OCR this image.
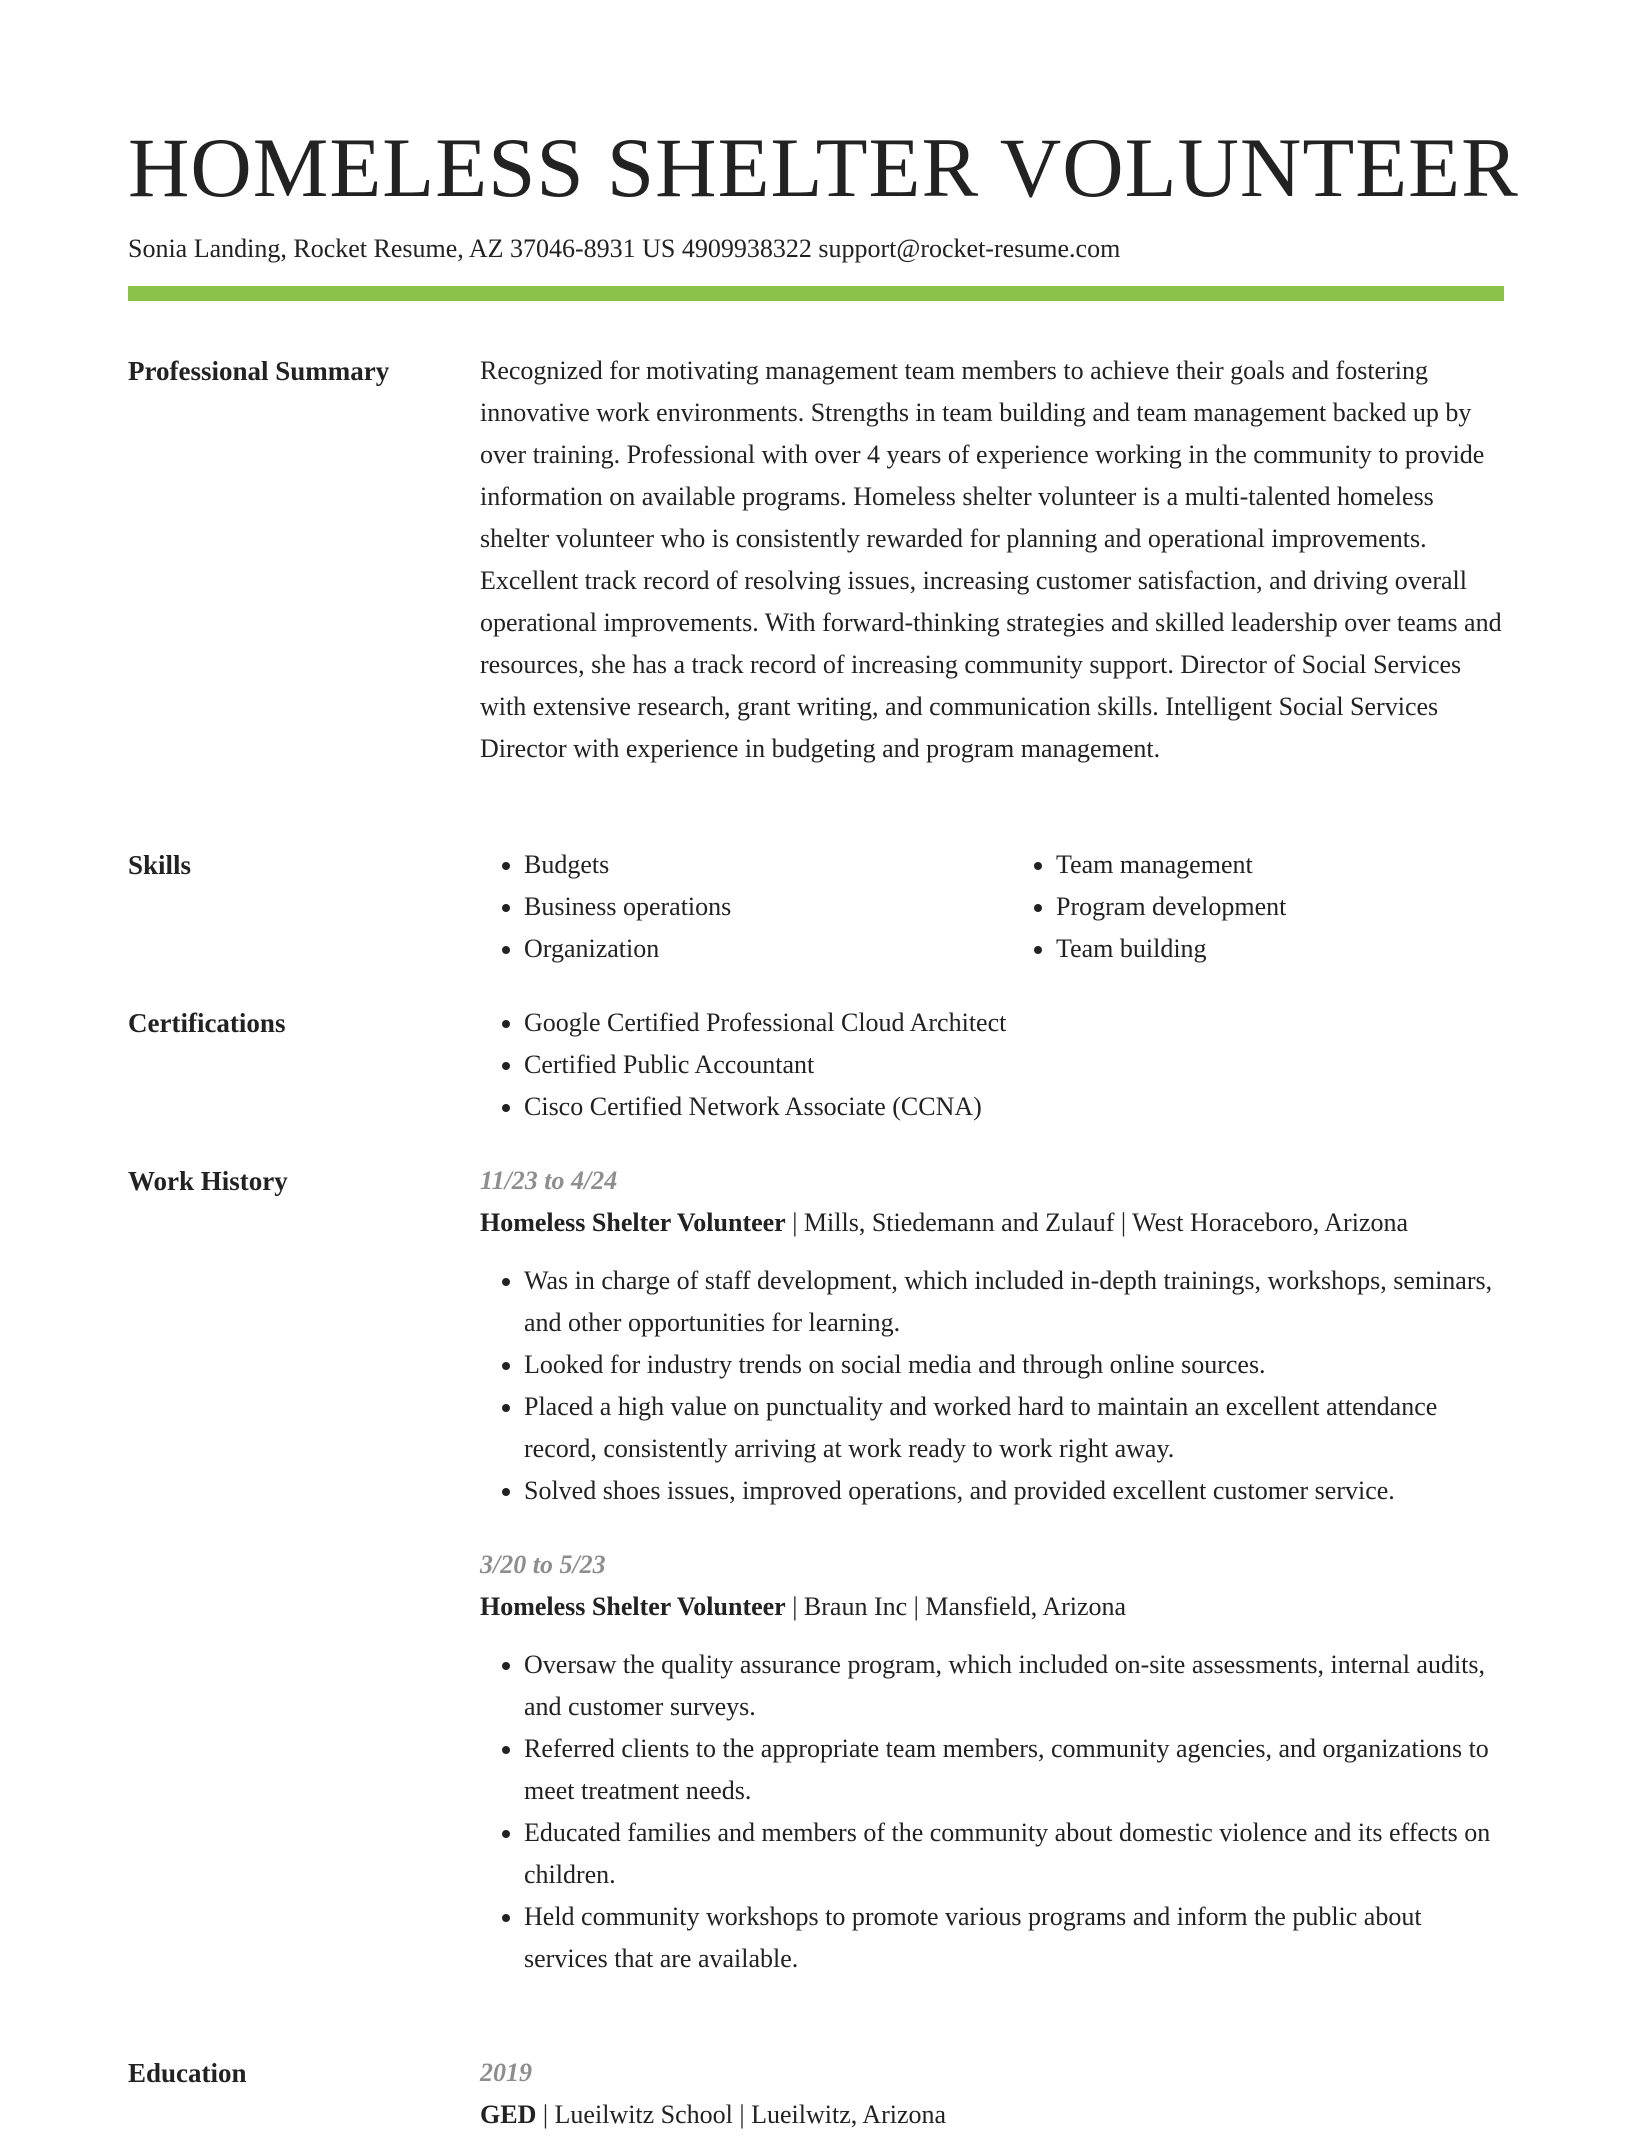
HOMELESS SHELTER VOLUNTEER
Sonia Landing, Rocket Resume, AZ 37046-8931 US 4909938322 support@rocket-resume.com
Professional Summary	Recognized for motivating management team members to achieve their goals and fostering innovative work environments. Strengths in team building and team management backed up by over training. Professional with over 4 years of experience working in the community to provide information on available programs. Homeless shelter volunteer is a multi-talented homeless shelter volunteer who is consistently rewarded for planning and operational improvements. Excellent track record of resolving issues, increasing customer satisfaction, and driving overall operational improvements. With forward-thinking strategies and skilled leadership over teams and resources, she has a track record of increasing community support. Director of Social Services with extensive research, grant writing, and communication skills. Intelligent Social Services Director with experience in budgeting and program management.

Skills	• Budgets
• Business operations
• Organization
• Team management
• Program development
• Team building
Certifications	• Google Certified Professional Cloud Architect
• Certified Public Accountant
• Cisco Certified Network Associate (CCNA)
Work History	11/23 to 4/24
Homeless Shelter Volunteer | Mills, Stiedemann and Zulauf | West Horaceboro, Arizona
• Was in charge of staff development, which included in-depth trainings, workshops, seminars, and other opportunities for learning.
• Looked for industry trends on social media and through online sources.
• Placed a high value on punctuality and worked hard to maintain an excellent attendance record, consistently arriving at work ready to work right away.
• Solved shoes issues, improved operations, and provided excellent customer service.
3/20 to 5/23
Homeless Shelter Volunteer | Braun Inc | Mansfield, Arizona
• Oversaw the quality assurance program, which included on-site assessments, internal audits, and customer surveys.
• Referred clients to the appropriate team members, community agencies, and organizations to meet treatment needs.
• Educated families and members of the community about domestic violence and its effects on children.
• Held community workshops to promote various programs and inform the public about services that are available.
Education	2019
GED | Lueilwitz School | Lueilwitz, Arizona
